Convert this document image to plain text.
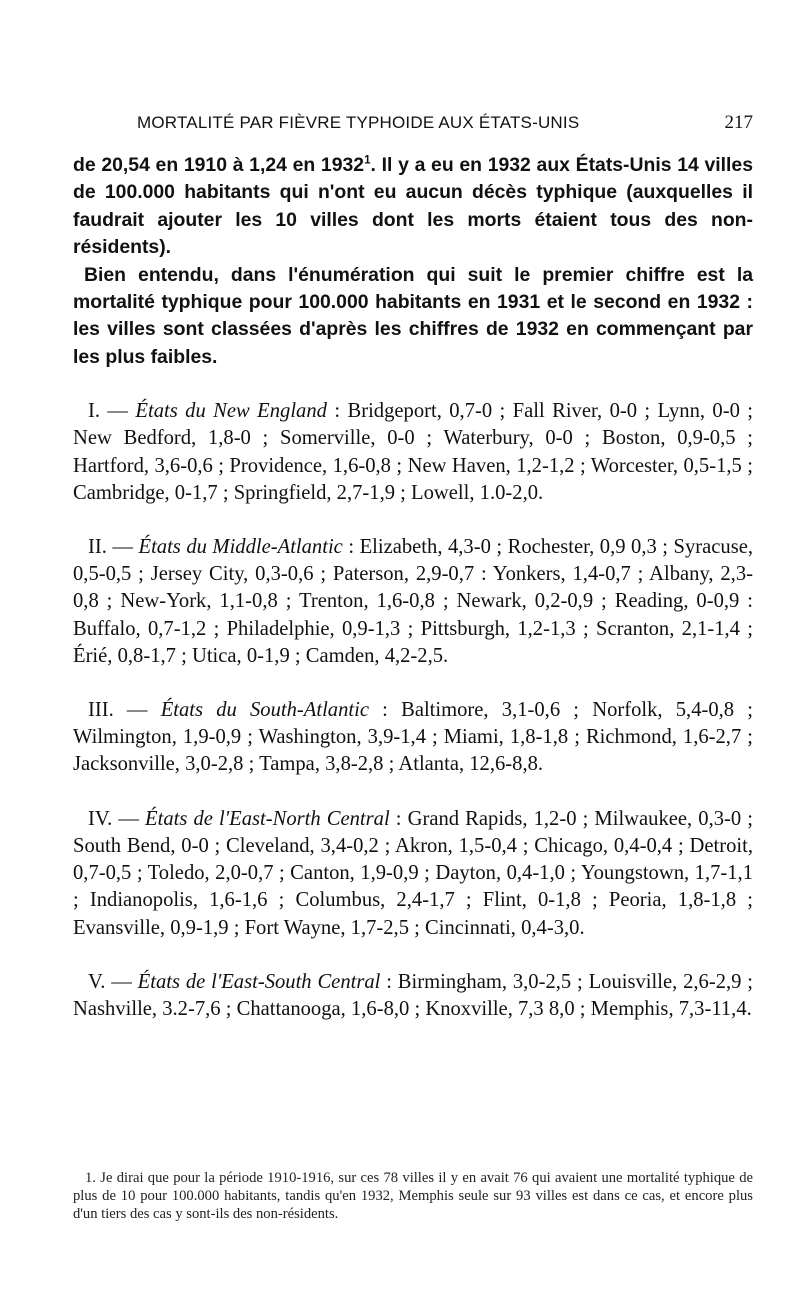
MORTALITÉ PAR FIÈVRE TYPHOIDE AUX ÉTATS-UNIS	217

de 20,54 en 1910 à 1,24 en 1932$^1$. Il y a eu en 1932 aux États-Unis 14 villes de 100.000 habitants qui n'ont eu aucun décès typhique (auxquelles il faudrait ajouter les 10 villes dont les morts étaient tous des non-résidents).

Bien entendu, dans l'énumération qui suit le premier chiffre est la mortalité typhique pour 100.000 habitants en 1931 et le second en 1932 : les villes sont classées d'après les chiffres de 1932 en commençant par les plus faibles.

I. — États du New England : Bridgeport, 0,7-0 ; Fall River, 0-0 ; Lynn, 0-0 ; New Bedford, 1,8-0 ; Somerville, 0-0 ; Waterbury, 0-0 ; Boston, 0,9-0,5 ; Hartford, 3,6-0,6 ; Providence, 1,6-0,8 ; New Haven, 1,2-1,2 ; Worcester, 0,5-1,5 ; Cambridge, 0-1,7 ; Springfield, 2,7-1,9 ; Lowell, 1.0-2,0.

II. — États du Middle-Atlantic : Elizabeth, 4,3-0 ; Rochester, 0,9 0,3 ; Syracuse, 0,5-0,5 ; Jersey City, 0,3-0,6 ; Paterson, 2,9-0,7 : Yonkers, 1,4-0,7 ; Albany, 2,3-0,8 ; New-York, 1,1-0,8 ; Trenton, 1,6-0,8 ; Newark, 0,2-0,9 ; Reading, 0-0,9 : Buffalo, 0,7-1,2 ; Philadelphie, 0,9-1,3 ; Pittsburgh, 1,2-1,3 ; Scranton, 2,1-1,4 ; Érié, 0,8-1,7 ; Utica, 0-1,9 ; Camden, 4,2-2,5.

III. — États du South-Atlantic : Baltimore, 3,1-0,6 ; Norfolk, 5,4-0,8 ; Wilmington, 1,9-0,9 ; Washington, 3,9-1,4 ; Miami, 1,8-1,8 ; Richmond, 1,6-2,7 ; Jacksonville, 3,0-2,8 ; Tampa, 3,8-2,8 ; Atlanta, 12,6-8,8.

IV. — États de l'East-North Central : Grand Rapids, 1,2-0 ; Milwaukee, 0,3-0 ; South Bend, 0-0 ; Cleveland, 3,4-0,2 ; Akron, 1,5-0,4 ; Chicago, 0,4-0,4 ; Detroit, 0,7-0,5 ; Toledo, 2,0-0,7 ; Canton, 1,9-0,9 ; Dayton, 0,4-1,0 ; Youngstown, 1,7-1,1 ; Indianopolis, 1,6-1,6 ; Columbus, 2,4-1,7 ; Flint, 0-1,8 ; Peoria, 1,8-1,8 ; Evansville, 0,9-1,9 ; Fort Wayne, 1,7-2,5 ; Cincinnati, 0,4-3,0.

V. — États de l'East-South Central : Birmingham, 3,0-2,5 ; Louisville, 2,6-2,9 ; Nashville, 3.2-7,6 ; Chattanooga, 1,6-8,0 ; Knoxville, 7,3 8,0 ; Memphis, 7,3-11,4.

1. Je dirai que pour la période 1910-1916, sur ces 78 villes il y en avait 76 qui avaient une mortalité typhique de plus de 10 pour 100.000 habitants, tandis qu'en 1932, Memphis seule sur 93 villes est dans ce cas, et encore plus d'un tiers des cas y sont-ils des non-résidents.
